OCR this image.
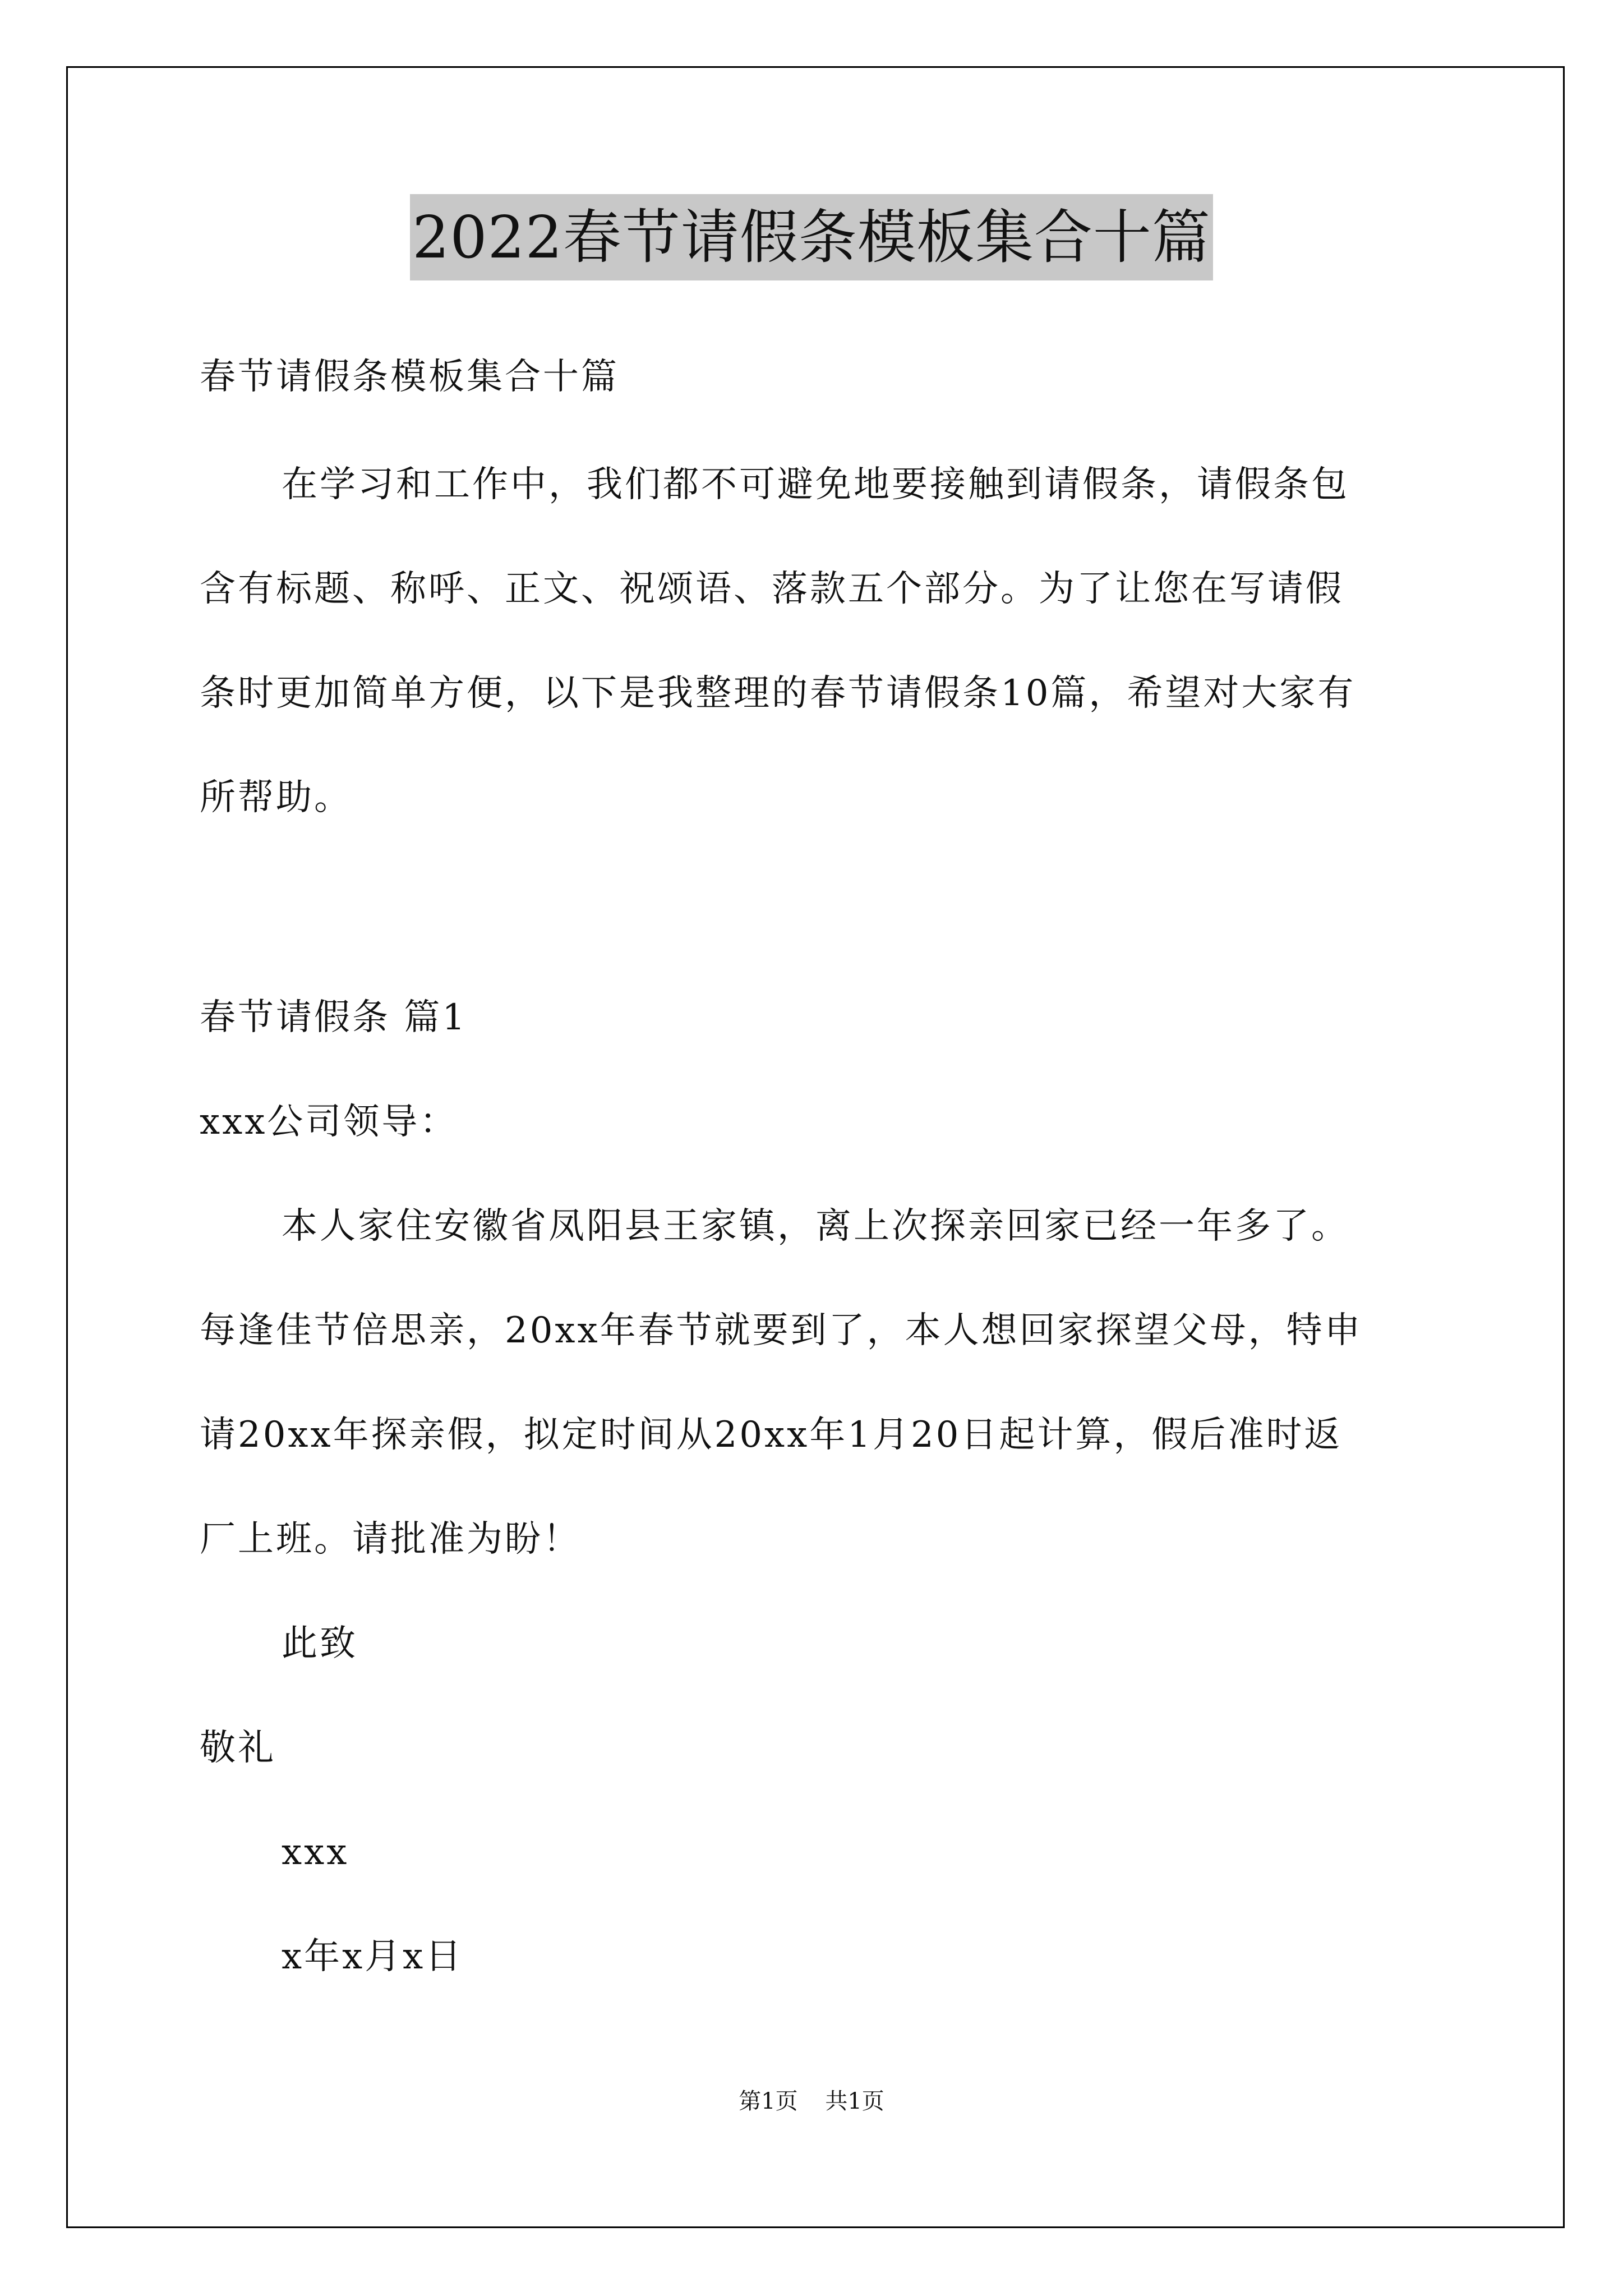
2022春节请假条模板集合十篇
春节请假条模板集合十篇
在学习和工作中，我们都不可避免地要接触到请假条，请假条包
含有标题、称呼、正文、祝颂语、落款五个部分。为了让您在写请假
条时更加简单方便，以下是我整理的春节请假条10篇，希望对大家有
所帮助。
春节请假条 篇1
xxx公司领导：
本人家住安徽省凤阳县王家镇，离上次探亲回家已经一年多了。
每逢佳节倍思亲，20xx年春节就要到了，本人想回家探望父母，特申
请20xx年探亲假，拟定时间从20xx年1月20日起计算，假后准时返
厂上班。请批准为盼！
此致
敬礼
xxx
x年x月x日
第1页 共1页
